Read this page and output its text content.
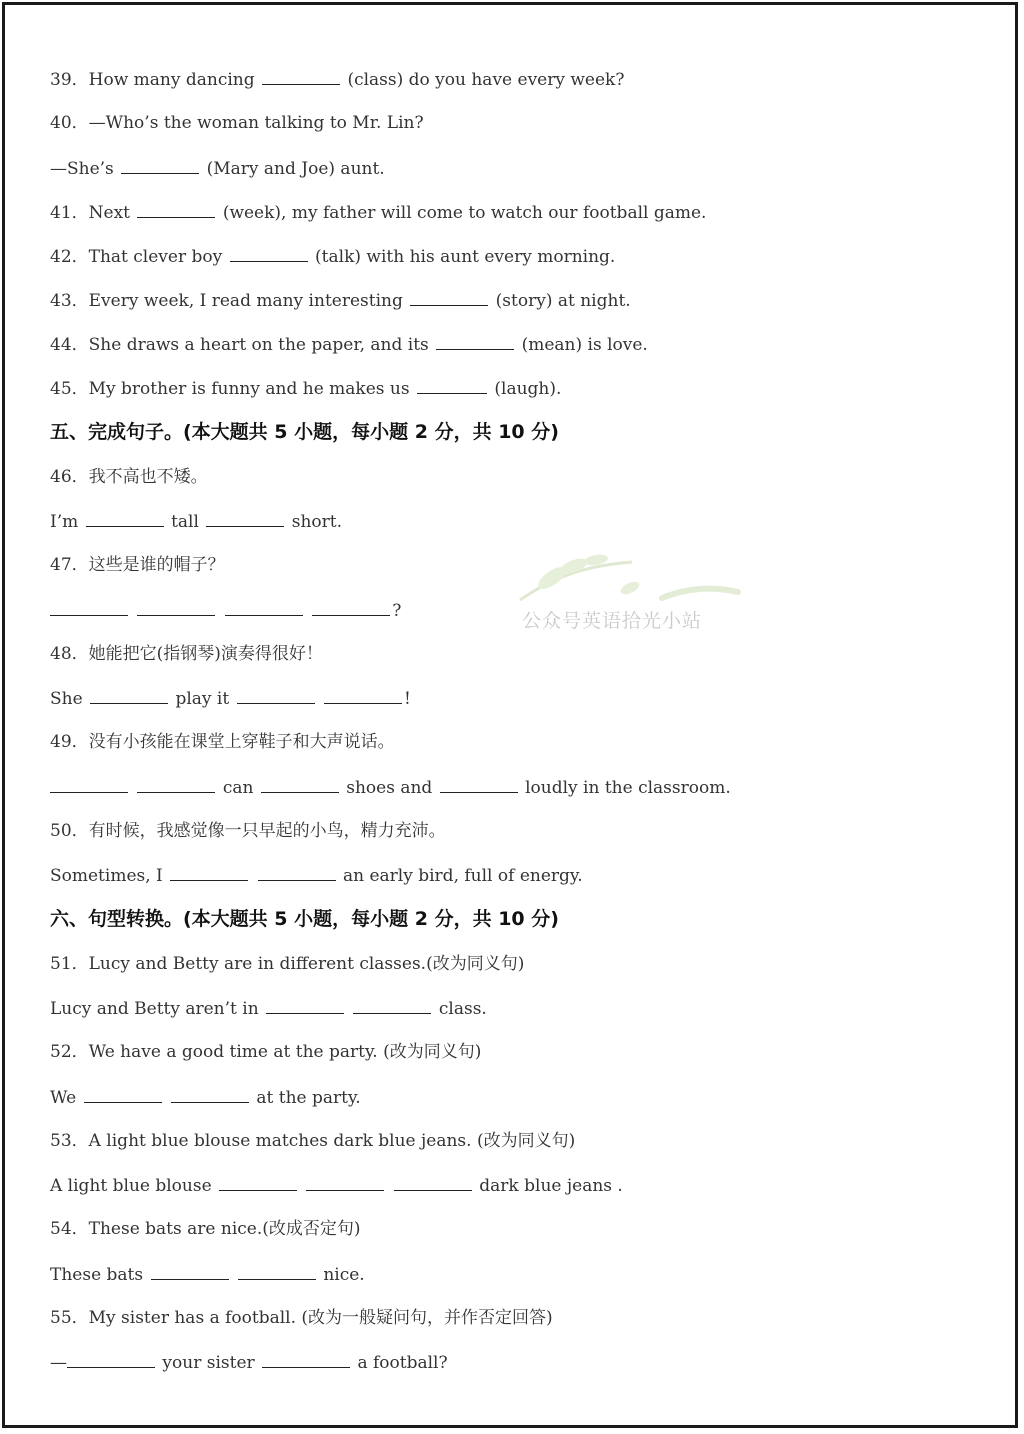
39．How many dancing	(class) do you have every week?
40．—Who’s the woman talking to Mr. Lin?
—She’s	(Mary and Joe) aunt.
41．Next	(week), my father will come to watch our football game.
42．That clever boy	(talk) with his aunt every morning.
43．Every week, I read many interesting	(story) at night.
44．She draws a heart on the paper, and its	(mean) is love.
45．My brother is funny and he makes us	(laugh).
五、完成句子。(本大题共 5 小题，每小题 2 分，共 10 分)
46．我不高也不矮。
I’m	tall	short.
47．这些是谁的帽子？
?
48．她能把它(指钢琴)演奏得很好！
She	play it	!
49．没有小孩能在课堂上穿鞋子和大声说话。
can	shoes and	loudly in the classroom.
50．有时候，我感觉像一只早起的小鸟，精力充沛。
Sometimes, I	an early bird, full of energy.
六、句型转换。(本大题共 5 小题，每小题 2 分，共 10 分)
51．Lucy and Betty are in different classes.(改为同义句)
Lucy and Betty aren’t in	class.
52．We have a good time at the party. (改为同义句)
We	at the party.
53．A light blue blouse matches dark blue jeans. (改为同义句)
A light blue blouse	dark blue jeans .
54．These bats are nice.(改成否定句)
These bats	nice.
55．My sister has a football. (改为一般疑问句，并作否定回答)
—	your sister	a football?
公众号英语拾光小站
